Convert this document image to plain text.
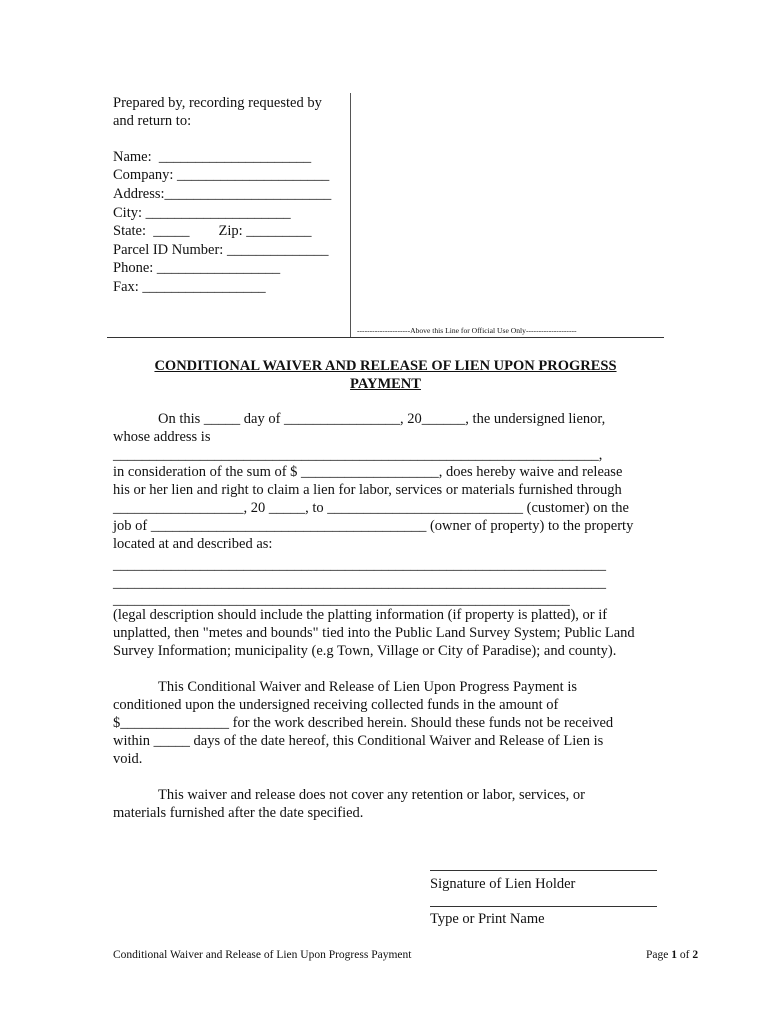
Prepared by, recording requested by
and return to:
Name:  _____________________
Company: _____________________
Address:_______________________
City: ____________________
State:  _____        Zip: _________
Parcel ID Number: ______________
Phone: _________________
Fax: _________________
---------------------Above this Line for Official Use Only--------------------
CONDITIONAL WAIVER AND RELEASE OF LIEN UPON PROGRESS
PAYMENT
On this _____ day of ________________, 20______, the undersigned lienor,
whose address is
___________________________________________________________________,
in consideration of the sum of $ ___________________, does hereby waive and release
his or her lien and right to claim a lien for labor, services or materials furnished through
__________________, 20 _____, to ___________________________ (customer) on the
job of ______________________________________ (owner of property) to the property
located at and described as:
____________________________________________________________________
____________________________________________________________________
_______________________________________________________________
(legal description should include the platting information (if property is platted), or if
unplatted, then "metes and bounds" tied into the Public Land Survey System; Public Land
Survey Information; municipality (e.g Town, Village or City of Paradise); and county).
This Conditional Waiver and Release of Lien Upon Progress Payment is
conditioned upon the undersigned receiving collected funds in the amount of
$_______________ for the work described herein. Should these funds not be received
within _____ days of the date hereof, this Conditional Waiver and Release of Lien is
void.
This waiver and release does not cover any retention or labor, services, or
materials furnished after the date specified.
Signature of Lien Holder
Type or Print Name
Conditional Waiver and Release of Lien Upon Progress Payment	Page 1 of 2
